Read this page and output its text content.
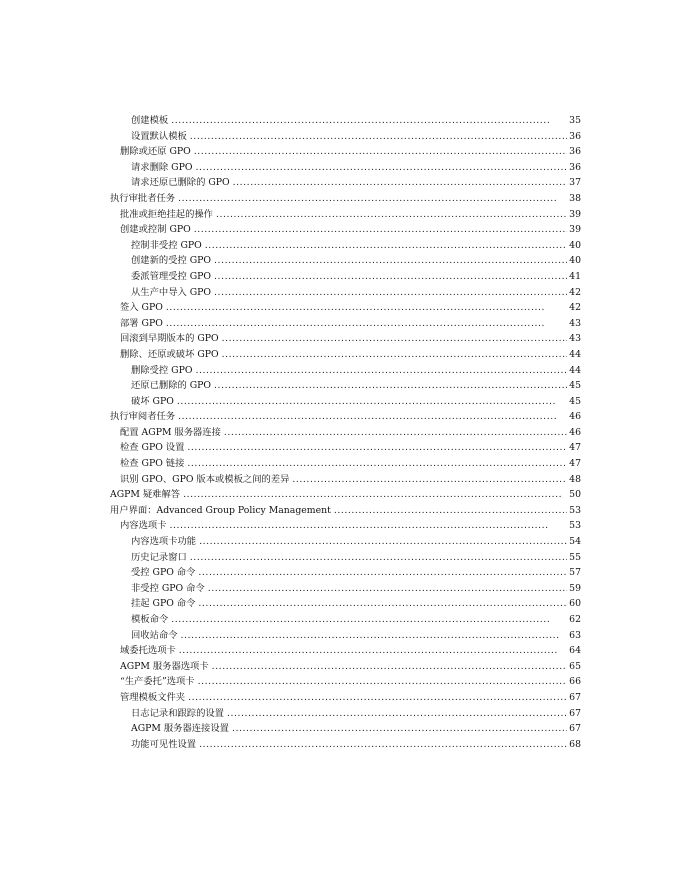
创建模板 . . .	35
设置默认模板 . . .	36
删除或还原 GPO . . .	36
请求删除 GPO . . .	36
请求还原已删除的 GPO . . .	37
执行审批者任务 . . .	38
批准或拒绝挂起的操作 . . .	39
创建或控制 GPO . . .	39
控制非受控 GPO . . .	40
创建新的受控 GPO . . .	40
委派管理受控 GPO . . .	41
从生产中导入 GPO . . .	42
签入 GPO . . .	42
部署 GPO . . .	43
回滚到早期版本的 GPO . . .	43
删除、还原或破坏 GPO . . .	44
删除受控 GPO . . .	44
还原已删除的 GPO . . .	45
破坏 GPO . . .	45
执行审阅者任务 . . .	46
配置 AGPM 服务器连接 . . .	46
检查 GPO 设置 . . .	47
检查 GPO 链接 . . .	47
识别 GPO、GPO 版本或模板之间的差异 . . .	48
AGPM 疑难解答 . . .	50
用户界面：Advanced Group Policy Management . . .	53
内容选项卡 . . .	53
内容选项卡功能 . . .	54
历史记录窗口 . . .	55
受控 GPO 命令 . . .	57
非受控 GPO 命令 . . .	59
挂起 GPO 命令 . . .	60
模板命令 . . .	62
回收站命令 . . .	63
域委托选项卡 . . .	64
AGPM 服务器选项卡 . . .	65
“生产委托”选项卡 . . .	66
管理模板文件夹 . . .	67
日志记录和跟踪的设置 . . .	67
AGPM 服务器连接设置 . . .	67
功能可见性设置 . . .	68
